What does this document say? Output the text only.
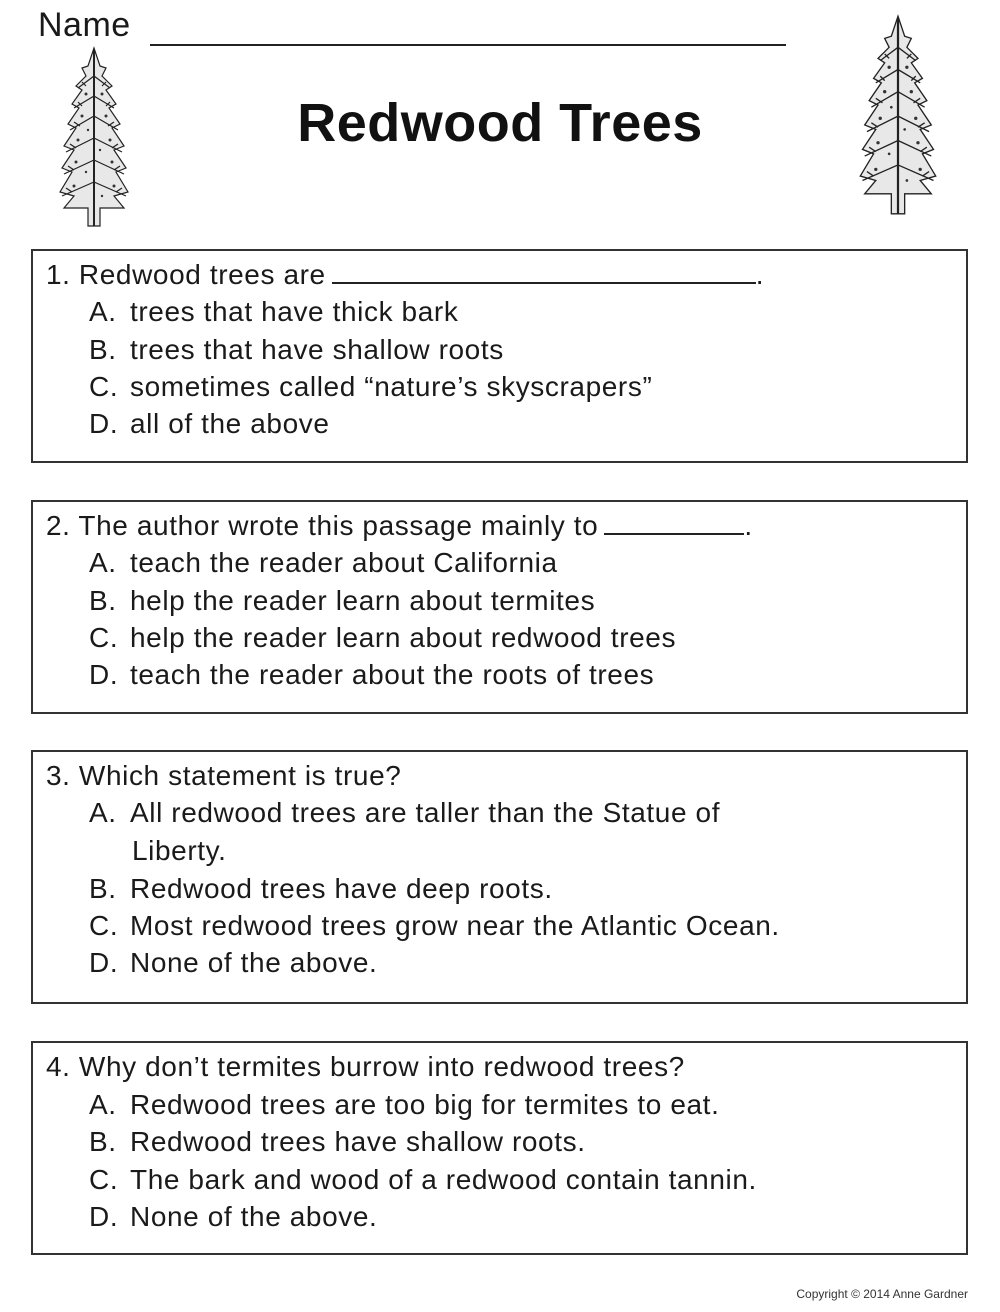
Name
Redwood Trees
1. Redwood trees are	.
A. trees that have thick bark
B. trees that have shallow roots
C. sometimes called “nature’s skyscrapers”
D. all of the above
2. The author wrote this passage mainly to	.
A. teach the reader about California
B. help the reader learn about termites
C. help the reader learn about redwood trees
D. teach the reader about the roots of trees
3. Which statement is true?
A. All redwood trees are taller than the Statue of
Liberty.
B. Redwood trees have deep roots.
C. Most redwood trees grow near the Atlantic Ocean.
D. None of the above.
4. Why don’t termites burrow into redwood trees?
A. Redwood trees are too big for termites to eat.
B. Redwood trees have shallow roots.
C. The bark and wood of a redwood contain tannin.
D. None of the above.
Copyright © 2014 Anne Gardner
